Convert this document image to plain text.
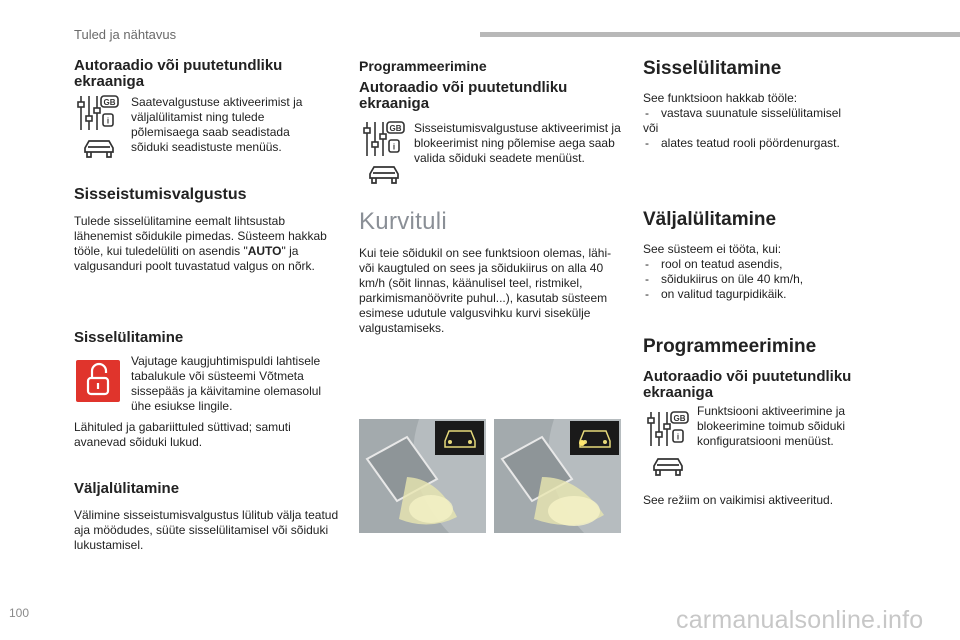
Tuled ja nähtavus
Autoraadio või puutetundliku ekraaniga
GB
i

Saatevalgustuse aktiveerimist ja väljalülitamist ning tulede põlemisaega saab seadistada sõiduki seadistuste menüüs.

Sisseistumisvalgustus

Tulede sisselülitamine eemalt lihtsustab lähenemist sõidukile pimedas. Süsteem hakkab tööle, kui tuledelüliti on asendis "AUTO" ja valgusanduri poolt tuvastatud valgus on nõrk.

Sisselülitamine

Vajutage kaugjuhtimispuldi lahtisele tabalukule või süsteemi Võtmeta sissepääs ja käivitamine olemasolul ühe esiukse lingile.

Lähituled ja gabariittuled süttivad; samuti avanevad sõiduki lukud.

Väljalülitamine

Välimine sisseistumisvalgustus lülitub välja teatud aja möödudes, süüte sisselülitamisel või sõiduki lukustamisel.

Programmeerimine
Autoraadio või puutetundliku ekraaniga
GB
i

Sisseistumisvalgustuse aktiveerimist ja blokeerimist ning põlemise aega saab valida sõiduki seadete menüüst.

Kurvituli

Kui teie sõidukil on see funktsioon olemas, lähi- või kaugtuled on sees ja sõidukiirus on alla 40 km/h (sõit linnas, käänulisel teel, ristmikel, parkimismanöövrite puhul...), kasutab süsteem esimese udutule valgusvihku kurvi sisekülje valgustamiseks.

Sisselülitamine

See funktsioon hakkab tööle:

- vastava suunatule sisselülitamisel

või

- alates teatud rooli pöördenurgast.
Väljalülitamine

See süsteem ei tööta, kui:

- rool on teatud asendis,
- sõidukiirus on üle 40 km/h,
- on valitud tagurpidikäik.
Programmeerimine
Autoraadio või puutetundliku ekraaniga
GB
i

Funktsiooni aktiveerimine ja blokeerimine toimub sõiduki konfiguratsiooni menüüst.

See režiim on vaikimisi aktiveeritud.

100	carmanualsonline.info
